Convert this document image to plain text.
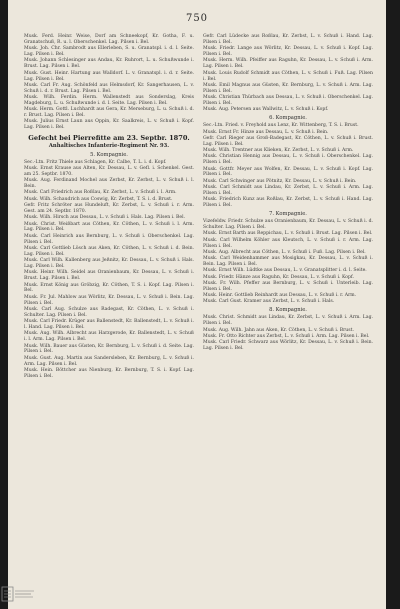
750
Musk. Ferd. Heinr. Weise, Dorf am Schneekopf, Kr. Gotha, F. u. Granatschuß, R. u. l. Oberschenkel. Lag. Pilsen i. Bel.
Musk. Joh. Chr. Sambrodt aus Ellerleben, S. u. Granatspl. i. d. l. Seite. Lag. Pilsen i. Bel.
Musk. Johann Schlesinger aus Andau, Kr. Ruhrort, L. u. Schußwunde i. Brust. Lag. Pilsen i. Bel.
Musk. Gust. Heinr. Hartung aus Walldorf. L. v. Granatspl. i. d. r. Seite. Lag. Pilsen i. Bel.
Musk. Carl Fr. Aug. Schönfeld aus Helmsdorf, Kr. Sangerhausen, L. v. Schuß i. d. r. Brust. Lag. Pilsen i. Bel.
Musk. Wilh. Ferdin. Herm. Wallenstedt aus Sonderslag, Kreis Magdeburg, L. u. Schußwunde i. d. l. Seite. Lag. Pilsen i. Bel.
Musk. Herm. Gottl. Luchhardt aus Gera, Kr. Merseburg, L. u. Schuß i. d. r. Brust. Lag. Pilsen i. Bel.
Musk. Julius Ernst Laun aus Oppin, Kr. Saalkreis, L. v. Schuß i. Kopf. Lag. Pilsen i. Bel.
Gefecht bei Pierrefitte am 23. Septbr. 1870.
Anhaltisches Infanterie-Regiment Nr. 93.
5. Kompagnie.
Sec.-Ltn. Fritz Thiele aus Schlagen, Kr. Calbe, T. L. i. d. Kopf.
Musk. Ernst Krause aus Alten, Kr. Dessau, L. v. Gefl. i. Schenkel. Gest. am 25. Septbr. 1870.
Musk. Aug. Ferdinand Mochel aus Zerbst, Kr. Zerbst, L. v. Schuß i. l. Bein.
Musk. Carl Friedrich aus Roßlau, Kr. Zerbst, L. v. Schuß i. l. Arm.
Musk. Wilh. Schaudrich aus Coswig, Kr. Zerbst, T. S. i. d. Brust.
Gefr. Fritz Schröter aus Hundeluft, Kr. Zerbst, L. v. Schuß i. r. Arm. Gest. am 24. Septbr. 1870.
Musk. Wilh. Hirsch aus Dessau, L. v. Schuß i. Hals. Lag. Pilsen i. Bel.
Musk. Christ. Weißbart aus Cöthen, Kr. Cöthen, L. v. Schuß i. l. Arm. Lag. Pilsen i. Bel.
Musk. Carl Heinrich aus Bernburg, L. v. Schuß i. Oberschenkel. Lag. Pilsen i. Bel.
Musk. Carl Gottlieb Lösch aus Aken, Kr. Cöthen, L. v. Schuß i. d. Bein. Lag. Pilsen i. Bel.
Musk. Carl Wilh. Kallenberg aus Jeßnitz, Kr. Dessau, L. v. Schuß i. Hals. Lag. Pilsen i. Bel.
Musk. Heinr. Wilh. Seidel aus Oranienbaum, Kr. Dessau, L. v. Schuß i. Brust. Lag. Pilsen i. Bel.
Musk. Ernst König aus Gröbzig, Kr. Cöthen, T. S. i. Kopf. Lag. Pilsen i. Bel.
Musk. Fr. Jul. Mahlow aus Wörlitz, Kr. Dessau, L. v. Schuß i. Bein. Lag. Pilsen i. Bel.
Musk. Carl Aug. Schulze aus Radegast, Kr. Cöthen, L. v. Schuß i. Schulter. Lag. Pilsen i. Bel.
Musk. Carl Friedr. Krüger aus Ballenstedt, Kr. Ballenstedt, L. v. Schuß i. l. Hand. Lag. Pilsen i. Bel.
Musk. Aug. Wilh. Albrecht aus Harzgerode, Kr. Ballenstedt, L. v. Schuß i. l. Arm. Lag. Pilsen i. Bel.
Musk. Wilh. Bauer aus Güsten, Kr. Bernburg, L. v. Schuß i. d. Seite. Lag. Pilsen i. Bel.
Musk. Gust. Aug. Martin aus Sandersleben, Kr. Bernburg, L. v. Schuß i. Arm. Lag. Pilsen i. Bel.
Musk. Hein. Böttcher aus Nienburg, Kr. Bernburg, T. S. i. Kopf. Lag. Pilsen i. Bel.
Gefr. Carl Lüdecke aus Roßlau, Kr. Zerbst, L. v. Schuß i. Hand. Lag. Pilsen i. Bel.
Musk. Friedr. Lange aus Wörlitz, Kr. Dessau, L. v. Schuß i. Kopf. Lag. Pilsen i. Bel.
Musk. Herm. Wilh. Pfeiffer aus Raguhn, Kr. Dessau, L. v. Schuß i. Arm. Lag. Pilsen i. Bel.
Musk. Louis Rudolf Schmidt aus Cöthen, L. v. Schuß i. Fuß. Lag. Pilsen i. Bel.
Musk. Emil Magnus aus Güsten, Kr. Bernburg, L. v. Schuß i. Arm. Lag. Pilsen i. Bel.
Musk. Christian Thürbach aus Dessau, L. v. Schuß i. Oberschenkel. Lag. Pilsen i. Bel.
Musk. Aug. Petersen aus Wallwitz, L. v. Schuß i. Kopf.
6. Kompagnie.
Sec.-Ltn. Fried. v. Freyhold aus Lenz, Kr. Wittenberg, T. S. i. Brust.
Musk. Ernst Fr. Hinze aus Dessau, L. v. Schuß i. Bein.
Gefr. Carl Rieger aus Groß-Badegast, Kr. Cöthen, L. v. Schuß i. Brust. Lag. Pilsen i. Bel.
Musk. Wilh. Trentner aus Klieken, Kr. Zerbst, L. v. Schuß i. Arm.
Musk. Christian Hennig aus Dessau, L. v. Schuß i. Oberschenkel. Lag. Pilsen i. Bel.
Musk. Gottfr. Meyer aus Wolfen, Kr. Dessau, L. v. Schuß i. Kopf. Lag. Pilsen i. Bel.
Musk. Carl Schwinger aus Pötnitz, Kr. Dessau, L. v. Schuß i. Bein.
Musk. Carl Schmidt aus Lindau, Kr. Zerbst, L. v. Schuß i. Arm. Lag. Pilsen i. Bel.
Musk. Friedrich Kunz aus Roßlau, Kr. Zerbst, L. v. Schuß i. Hand. Lag. Pilsen i. Bel.
7. Kompagnie.
Vizefeldw. Friedr. Schulze aus Oranienbaum, Kr. Dessau, L. v. Schuß i. d. Schulter. Lag. Pilsen i. Bel.
Musk. Ernst Barth aus Reppichau, L. v. Schuß i. Brust. Lag. Pilsen i. Bel.
Musk. Carl Wilhelm Köhler aus Kleutsch, L. v. Schuß i. r. Arm. Lag. Pilsen i. Bel.
Musk. Aug. Albrecht aus Cöthen, L. v. Schuß i. Fuß. Lag. Pilsen i. Bel.
Musk. Carl Weidenhammer aus Mosigkau, Kr. Dessau, L. v. Schuß i. Bein. Lag. Pilsen i. Bel.
Musk. Ernst Wilh. Lüdtke aus Dessau, L. v. Granatsplitter i. d. l. Seite.
Musk. Friedr. Hänze aus Raguhn, Kr. Dessau, L. v. Schuß i. Kopf.
Musk. Fr. Wilh. Pfeffer aus Bernburg, L. v. Schuß i. Unterleib. Lag. Pilsen i. Bel.
Musk. Heinr. Gottlieb Reinhardt aus Dessau, L. v. Schuß i. r. Arm.
Musk. Carl Gust. Kramer aus Zerbst, L. v. Schuß i. Hals.
8. Kompagnie.
Musk. Christ. Schmidt aus Lindau, Kr. Zerbst, L. v. Schuß i. Arm. Lag. Pilsen i. Bel.
Musk. Aug. Wilh. Jahn aus Aken, Kr. Cöthen, L. v. Schuß i. Brust.
Musk. Fr. Otto Richter aus Zerbst, L. v. Schuß i. Arm. Lag. Pilsen i. Bel.
Musk. Carl Friedr. Schwarz aus Wörlitz, Kr. Dessau, L. v. Schuß i. Bein. Lag. Pilsen i. Bel.
